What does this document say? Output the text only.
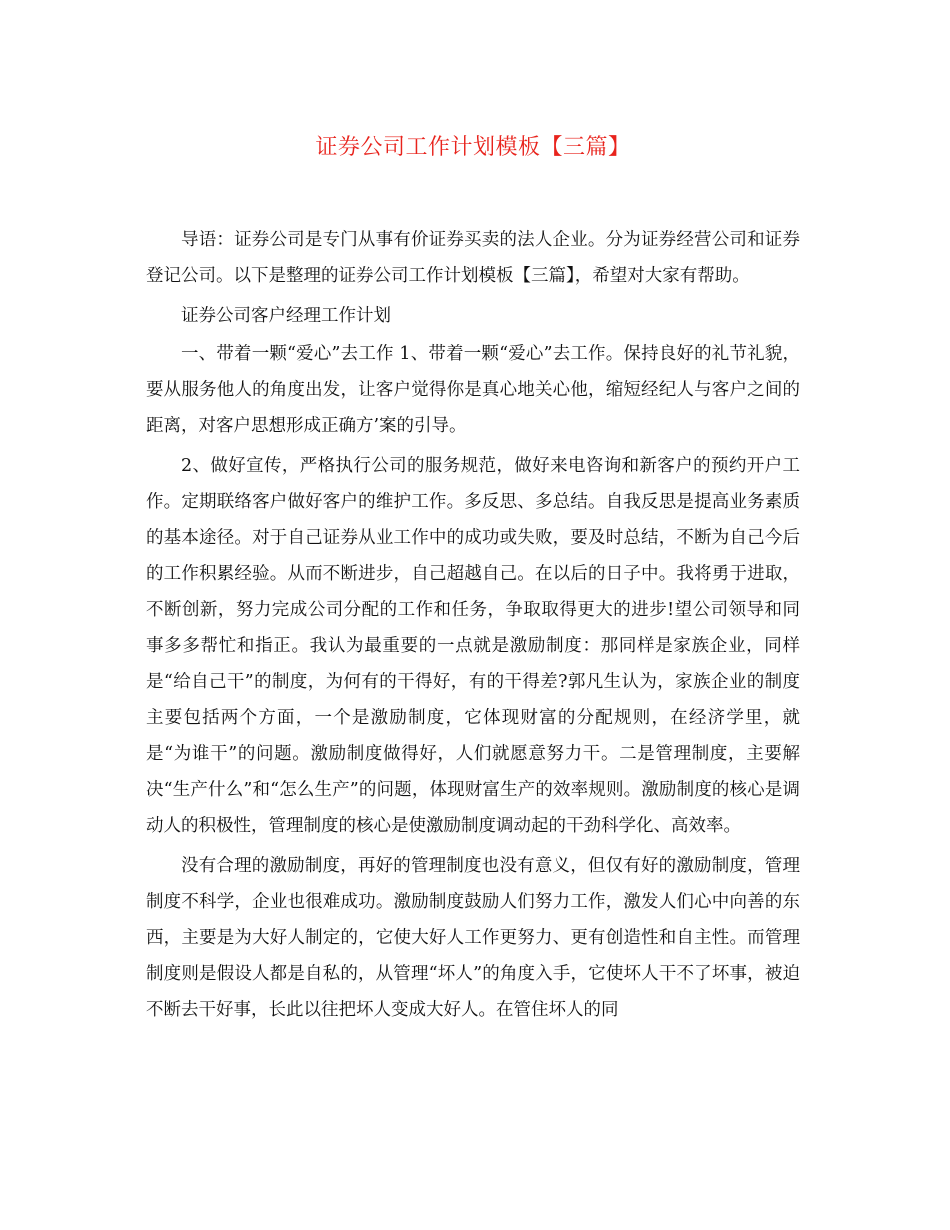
证券公司工作计划模板【三篇】

导语：证券公司是专门从事有价证券买卖的法人企业。分为证券经营公司和证券登记公司。以下是整理的证券公司工作计划模板【三篇】，希望对大家有帮助。

证券公司客户经理工作计划

一、带着一颗“爱心”去工作 1、带着一颗“爱心”去工作。保持良好的礼节礼貌，要从服务他人的角度出发，让客户觉得你是真心地关心他，缩短经纪人与客户之间的距离，对客户思想形成正确方’案的引导。

2、做好宣传，严格执行公司的服务规范，做好来电咨询和新客户的预约开户工作。定期联络客户做好客户的维护工作。多反思、多总结。自我反思是提高业务素质的基本途径。对于自己证券从业工作中的成功或失败，要及时总结，不断为自己今后的工作积累经验。从而不断进步，自己超越自己。在以后的日子中。我将勇于进取，不断创新，努力完成公司分配的工作和任务，争取取得更大的进步!望公司领导和同事多多帮忙和指正。我认为最重要的一点就是激励制度：那同样是家族企业，同样是“给自己干”的制度，为何有的干得好，有的干得差?郭凡生认为，家族企业的制度主要包括两个方面，一个是激励制度，它体现财富的分配规则，在经济学里，就是“为谁干”的问题。激励制度做得好，人们就愿意努力干。二是管理制度，主要解决“生产什么”和“怎么生产”的问题，体现财富生产的效率规则。激励制度的核心是调动人的积极性，管理制度的核心是使激励制度调动起的干劲科学化、高效率。

没有合理的激励制度，再好的管理制度也没有意义，但仅有好的激励制度，管理制度不科学，企业也很难成功。激励制度鼓励人们努力工作，激发人们心中向善的东西，主要是为大好人制定的，它使大好人工作更努力、更有创造性和自主性。而管理制度则是假设人都是自私的，从管理“坏人”的角度入手，它使坏人干不了坏事，被迫不断去干好事，长此以往把坏人变成大好人。在管住坏人的同
